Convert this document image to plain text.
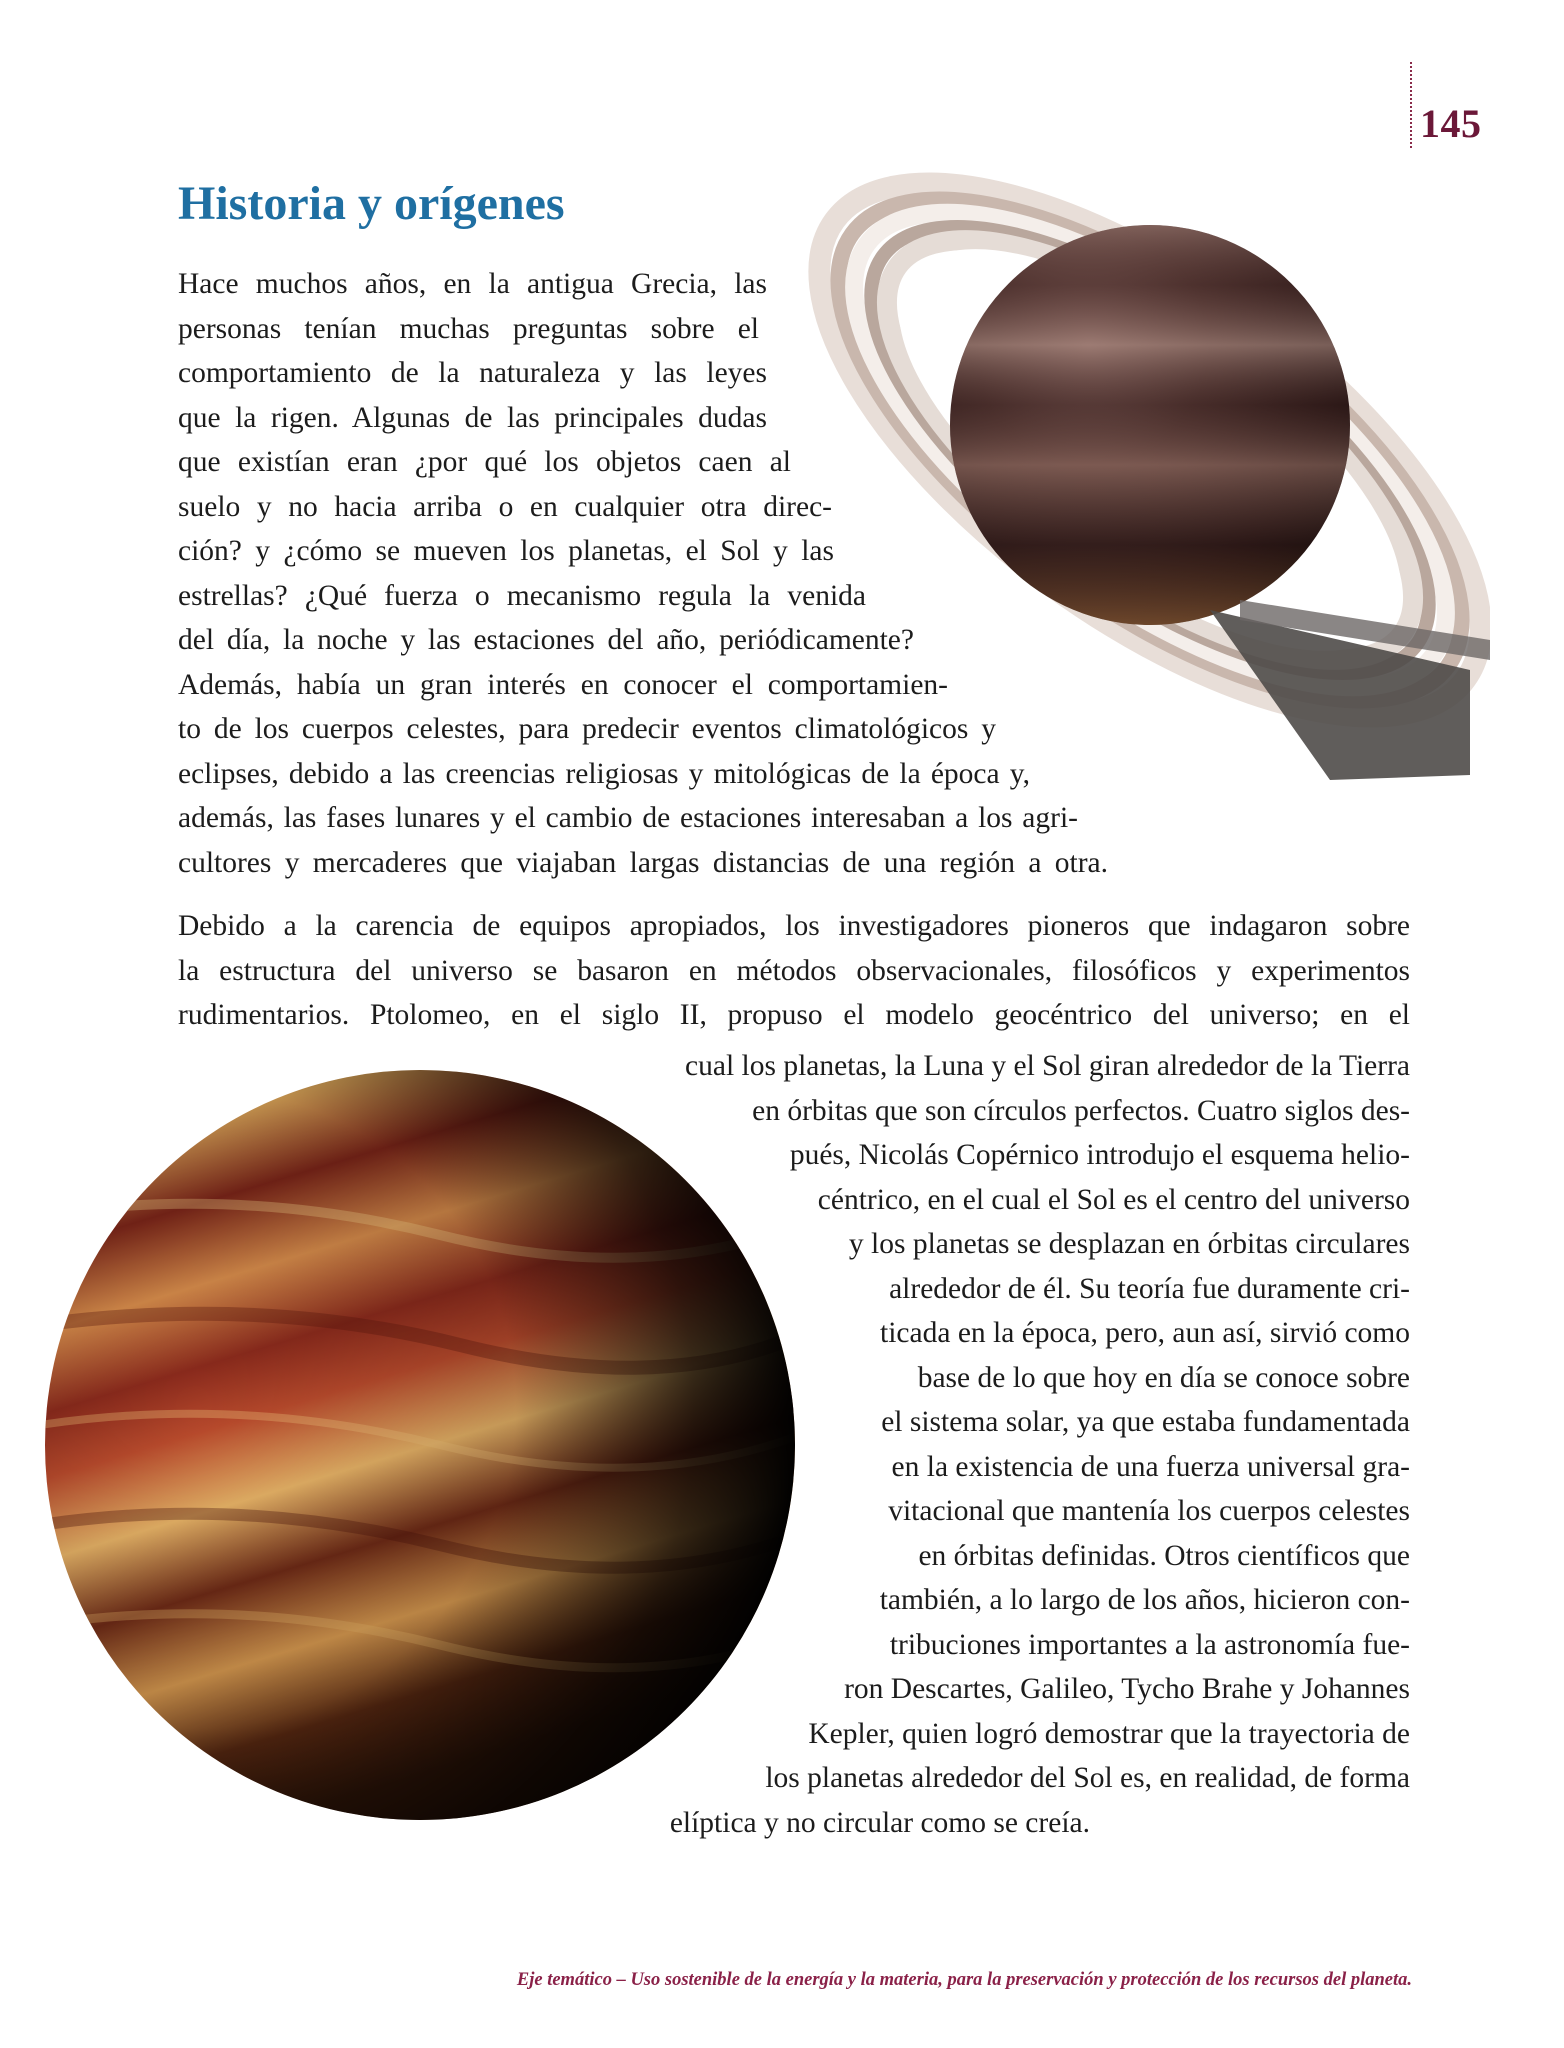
145
Historia y orígenes
Hace muchos años, en la antigua Grecia, las
personas tenían muchas preguntas sobre el
comportamiento de la naturaleza y las leyes
que la rigen. Algunas de las principales dudas
que existían eran ¿por qué los objetos caen al
suelo y no hacia arriba o en cualquier otra direc-
ción? y ¿cómo se mueven los planetas, el Sol y las
estrellas? ¿Qué fuerza o mecanismo regula la venida
del día, la noche y las estaciones del año, periódicamente?
Además, había un gran interés en conocer el comportamien-
to de los cuerpos celestes, para predecir eventos climatológicos y
eclipses, debido a las creencias religiosas y mitológicas de la época y,
además, las fases lunares y el cambio de estaciones interesaban a los agri-
cultores y mercaderes que viajaban largas distancias de una región a otra.
Debido a la carencia de equipos apropiados, los investigadores pioneros que indagaron sobre
la estructura del universo se basaron en métodos observacionales, filosóficos y experimentos
rudimentarios. Ptolomeo, en el siglo II, propuso el modelo geocéntrico del universo; en el
cual los planetas, la Luna y el Sol giran alrededor de la Tierra
en órbitas que son círculos perfectos. Cuatro siglos des-
pués, Nicolás Copérnico introdujo el esquema helio-
céntrico, en el cual el Sol es el centro del universo
y los planetas se desplazan en órbitas circulares
alrededor de él. Su teoría fue duramente cri-
ticada en la época, pero, aun así, sirvió como
base de lo que hoy en día se conoce sobre
el sistema solar, ya que estaba fundamentada
en la existencia de una fuerza universal gra-
vitacional que mantenía los cuerpos celestes
en órbitas definidas. Otros científicos que
también, a lo largo de los años, hicieron con-
tribuciones importantes a la astronomía fue-
ron Descartes, Galileo, Tycho Brahe y Johannes
Kepler, quien logró demostrar que la trayectoria de
los planetas alrededor del Sol es, en realidad, de forma
elíptica y no circular como se creía.
Eje temático – Uso sostenible de la energía y la materia, para la preservación y protección de los recursos del planeta.
